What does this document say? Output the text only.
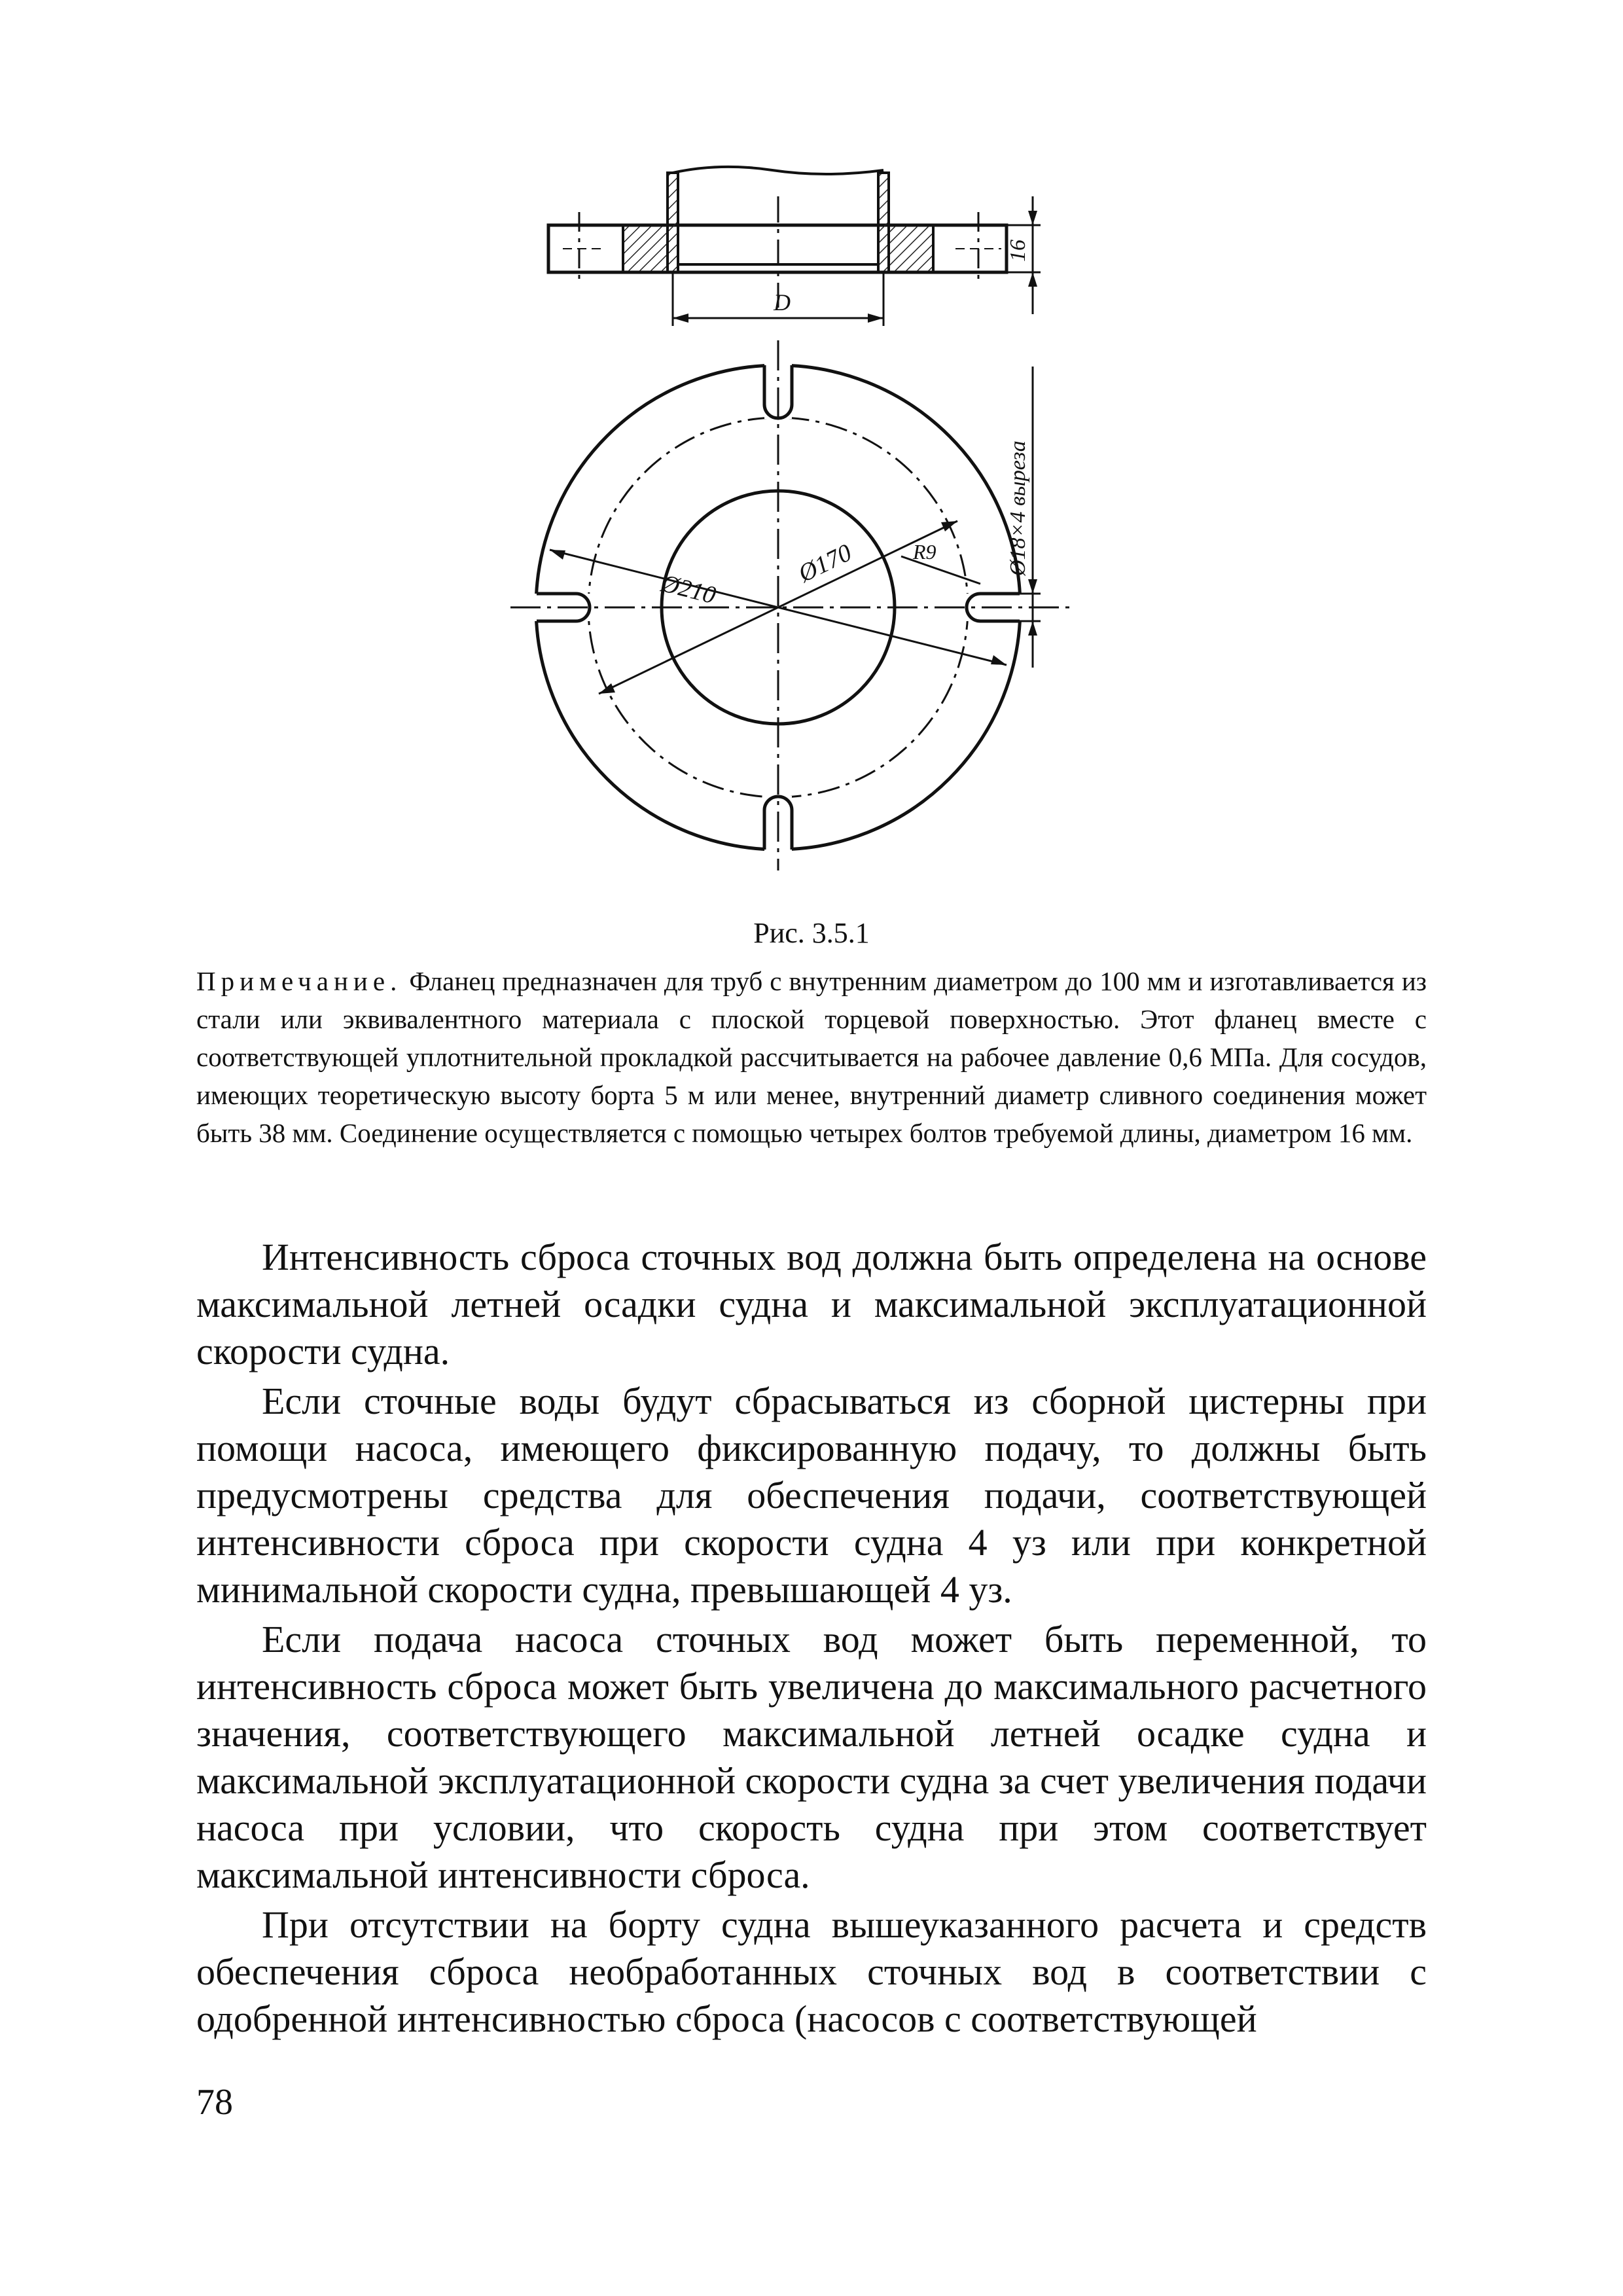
D
16
Ø210
Ø170	R9	Ø18×4 выреза
Рис. 3.5.1
Примечание. Фланец предназначен для труб с внутренним диаметром до 100 мм и изготавливается из стали или эквивалентного материала с плоской торцевой поверхностью. Этот фланец вместе с соответствующей уплотнительной прокладкой рассчитывается на рабочее давление 0,6 МПа. Для сосудов, имеющих теоретическую высоту борта 5 м или менее, внутренний диаметр сливного соединения может быть 38 мм. Соединение осуществляется с помощью четырех болтов требуемой длины, диаметром 16 мм.

Интенсивность сброса сточных вод должна быть определена на основе максимальной летней осадки судна и максимальной эксплуатационной скорости судна.

Если сточные воды будут сбрасываться из сборной цистерны при помощи насоса, имеющего фиксированную подачу, то должны быть предусмотрены средства для обеспечения подачи, соответствующей интенсивности сброса при скорости судна 4 уз или при конкретной минимальной скорости судна, превышающей 4 уз.

Если подача насоса сточных вод может быть переменной, то интенсивность сброса может быть увеличена до максимального расчетного значения, соответствующего максимальной летней осадке судна и максимальной эксплуатационной скорости судна за счет увеличения подачи насоса при условии, что скорость судна при этом соответствует максимальной интенсивности сброса.

При отсутствии на борту судна вышеуказанного расчета и средств обеспечения сброса необработанных сточных вод в соответствии с одобренной интенсивностью сброса (насосов с соответствующей

78
